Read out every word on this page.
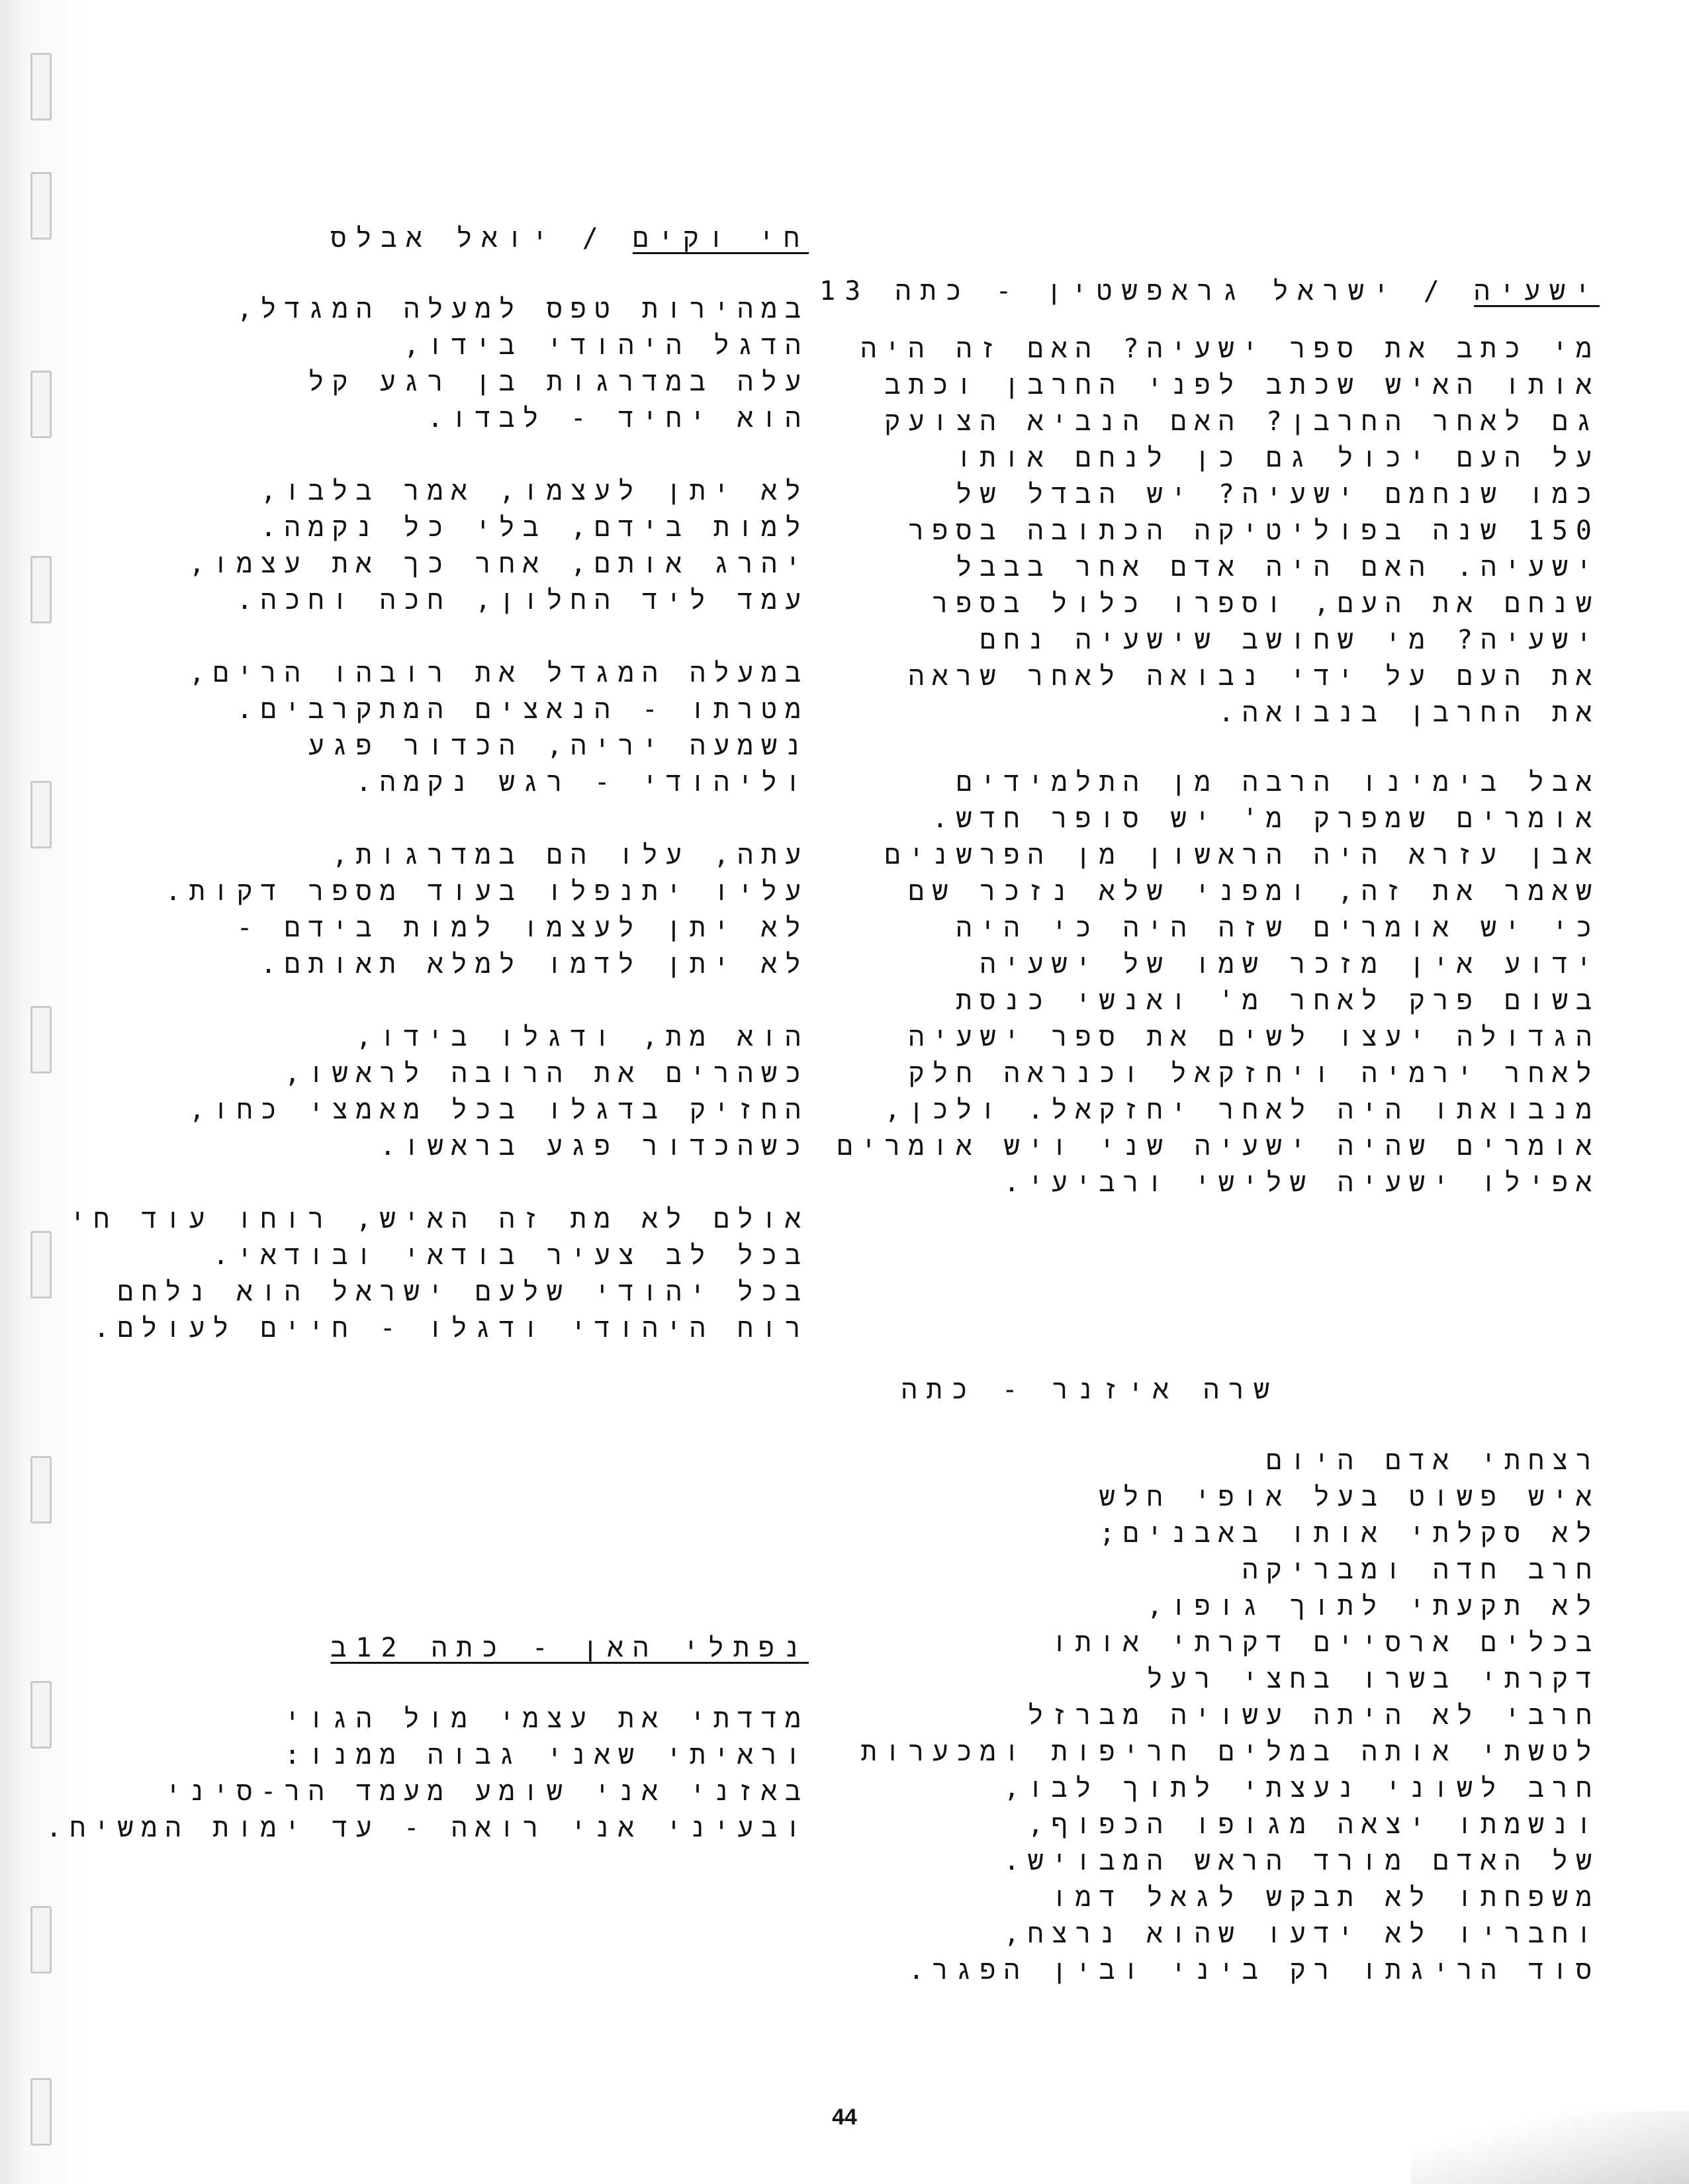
ישעיה / ישראל גראפשטין - כתה 13
מי כתב את ספר ישעיה? האם זה היה
אותו האיש שכתב לפני החרבן וכתב
גם לאחר החרבן? האם הנביא הצועק
על העם יכול גם כן לנחם אותו
כמו שנחמם ישעיה? יש הבדל של
150 שנה בפוליטיקה הכתובה בספר
ישעיה. האם היה אדם אחר בבבל
שנחם את העם, וספרו כלול בספר
ישעיה? מי שחושב שישעיה נחם
את העם על ידי נבואה לאחר שראה
את החרבן בנבואה.
אבל בימינו הרבה מן התלמידים
אומרים שמפרק מ' יש סופר חדש.
אבן עזרא היה הראשון מן הפרשנים
שאמר את זה, ומפני שלא נזכר שם
כי יש אומרים שזה היה כי היה
ידוע אין מזכר שמו של ישעיה
בשום פרק לאחר מ' ואנשי כנסת
הגדולה יעצו לשים את ספר ישעיה
לאחר ירמיה ויחזקאל וכנראה חלק
מנבואתו היה לאחר יחזקאל. ולכן,
אומרים שהיה ישעיה שני ויש אומרים
אפילו ישעיה שלישי ורביעי.
שרה איזנר - כתה
רצחתי אדם היום
איש פשוט בעל אופי חלש
לא סקלתי אותו באבנים;
חרב חדה ומבריקה
לא תקעתי לתוך גופו,
בכלים ארסיים דקרתי אותו
דקרתי בשרו בחצי רעל
חרבי לא היתה עשויה מברזל
לטשתי אותה במלים חריפות ומכערות
חרב לשוני נעצתי לתוך לבו,
ונשמתו יצאה מגופו הכפוף,
של האדם מורד הראש המבויש.
משפחתו לא תבקש לגאל דמו
וחבריו לא ידעו שהוא נרצח,
סוד הריגתו רק ביני ובין הפגר.
חי וקים / יואל אבלס
במהירות טפס למעלה המגדל,
הדגל היהודי בידו,
עלה במדרגות בן רגע קל
הוא יחיד - לבדו.
לא יתן לעצמו, אמר בלבו,
למות בידם, בלי כל נקמה.
יהרג אותם, אחר כך את עצמו,
עמד ליד החלון, חכה וחכה.
במעלה המגדל את רובהו הרים,
מטרתו - הנאצים המתקרבים.
נשמעה יריה, הכדור פגע
וליהודי - רגש נקמה.
עתה, עלו הם במדרגות,
עליו יתנפלו בעוד מספר דקות.
לא יתן לעצמו למות בידם -
לא יתן לדמו למלא תאותם.
הוא מת, ודגלו בידו,
כשהרים את הרובה לראשו,
החזיק בדגלו בכל מאמצי כחו,
כשהכדור פגע בראשו.
אולם לא מת זה האיש, רוחו עוד חי
בכל לב צעיר בודאי ובודאי.
בכל יהודי שלעם ישראל הוא נלחם
רוח היהודי ודגלו - חיים לעולם.
נפתלי האן - כתה 12ב
מדדתי את עצמי מול הגוי
וראיתי שאני גבוה ממנו:
באזני אני שומע מעמד הר-סיני
ובעיני אני רואה - עד ימות המשיח.
44
